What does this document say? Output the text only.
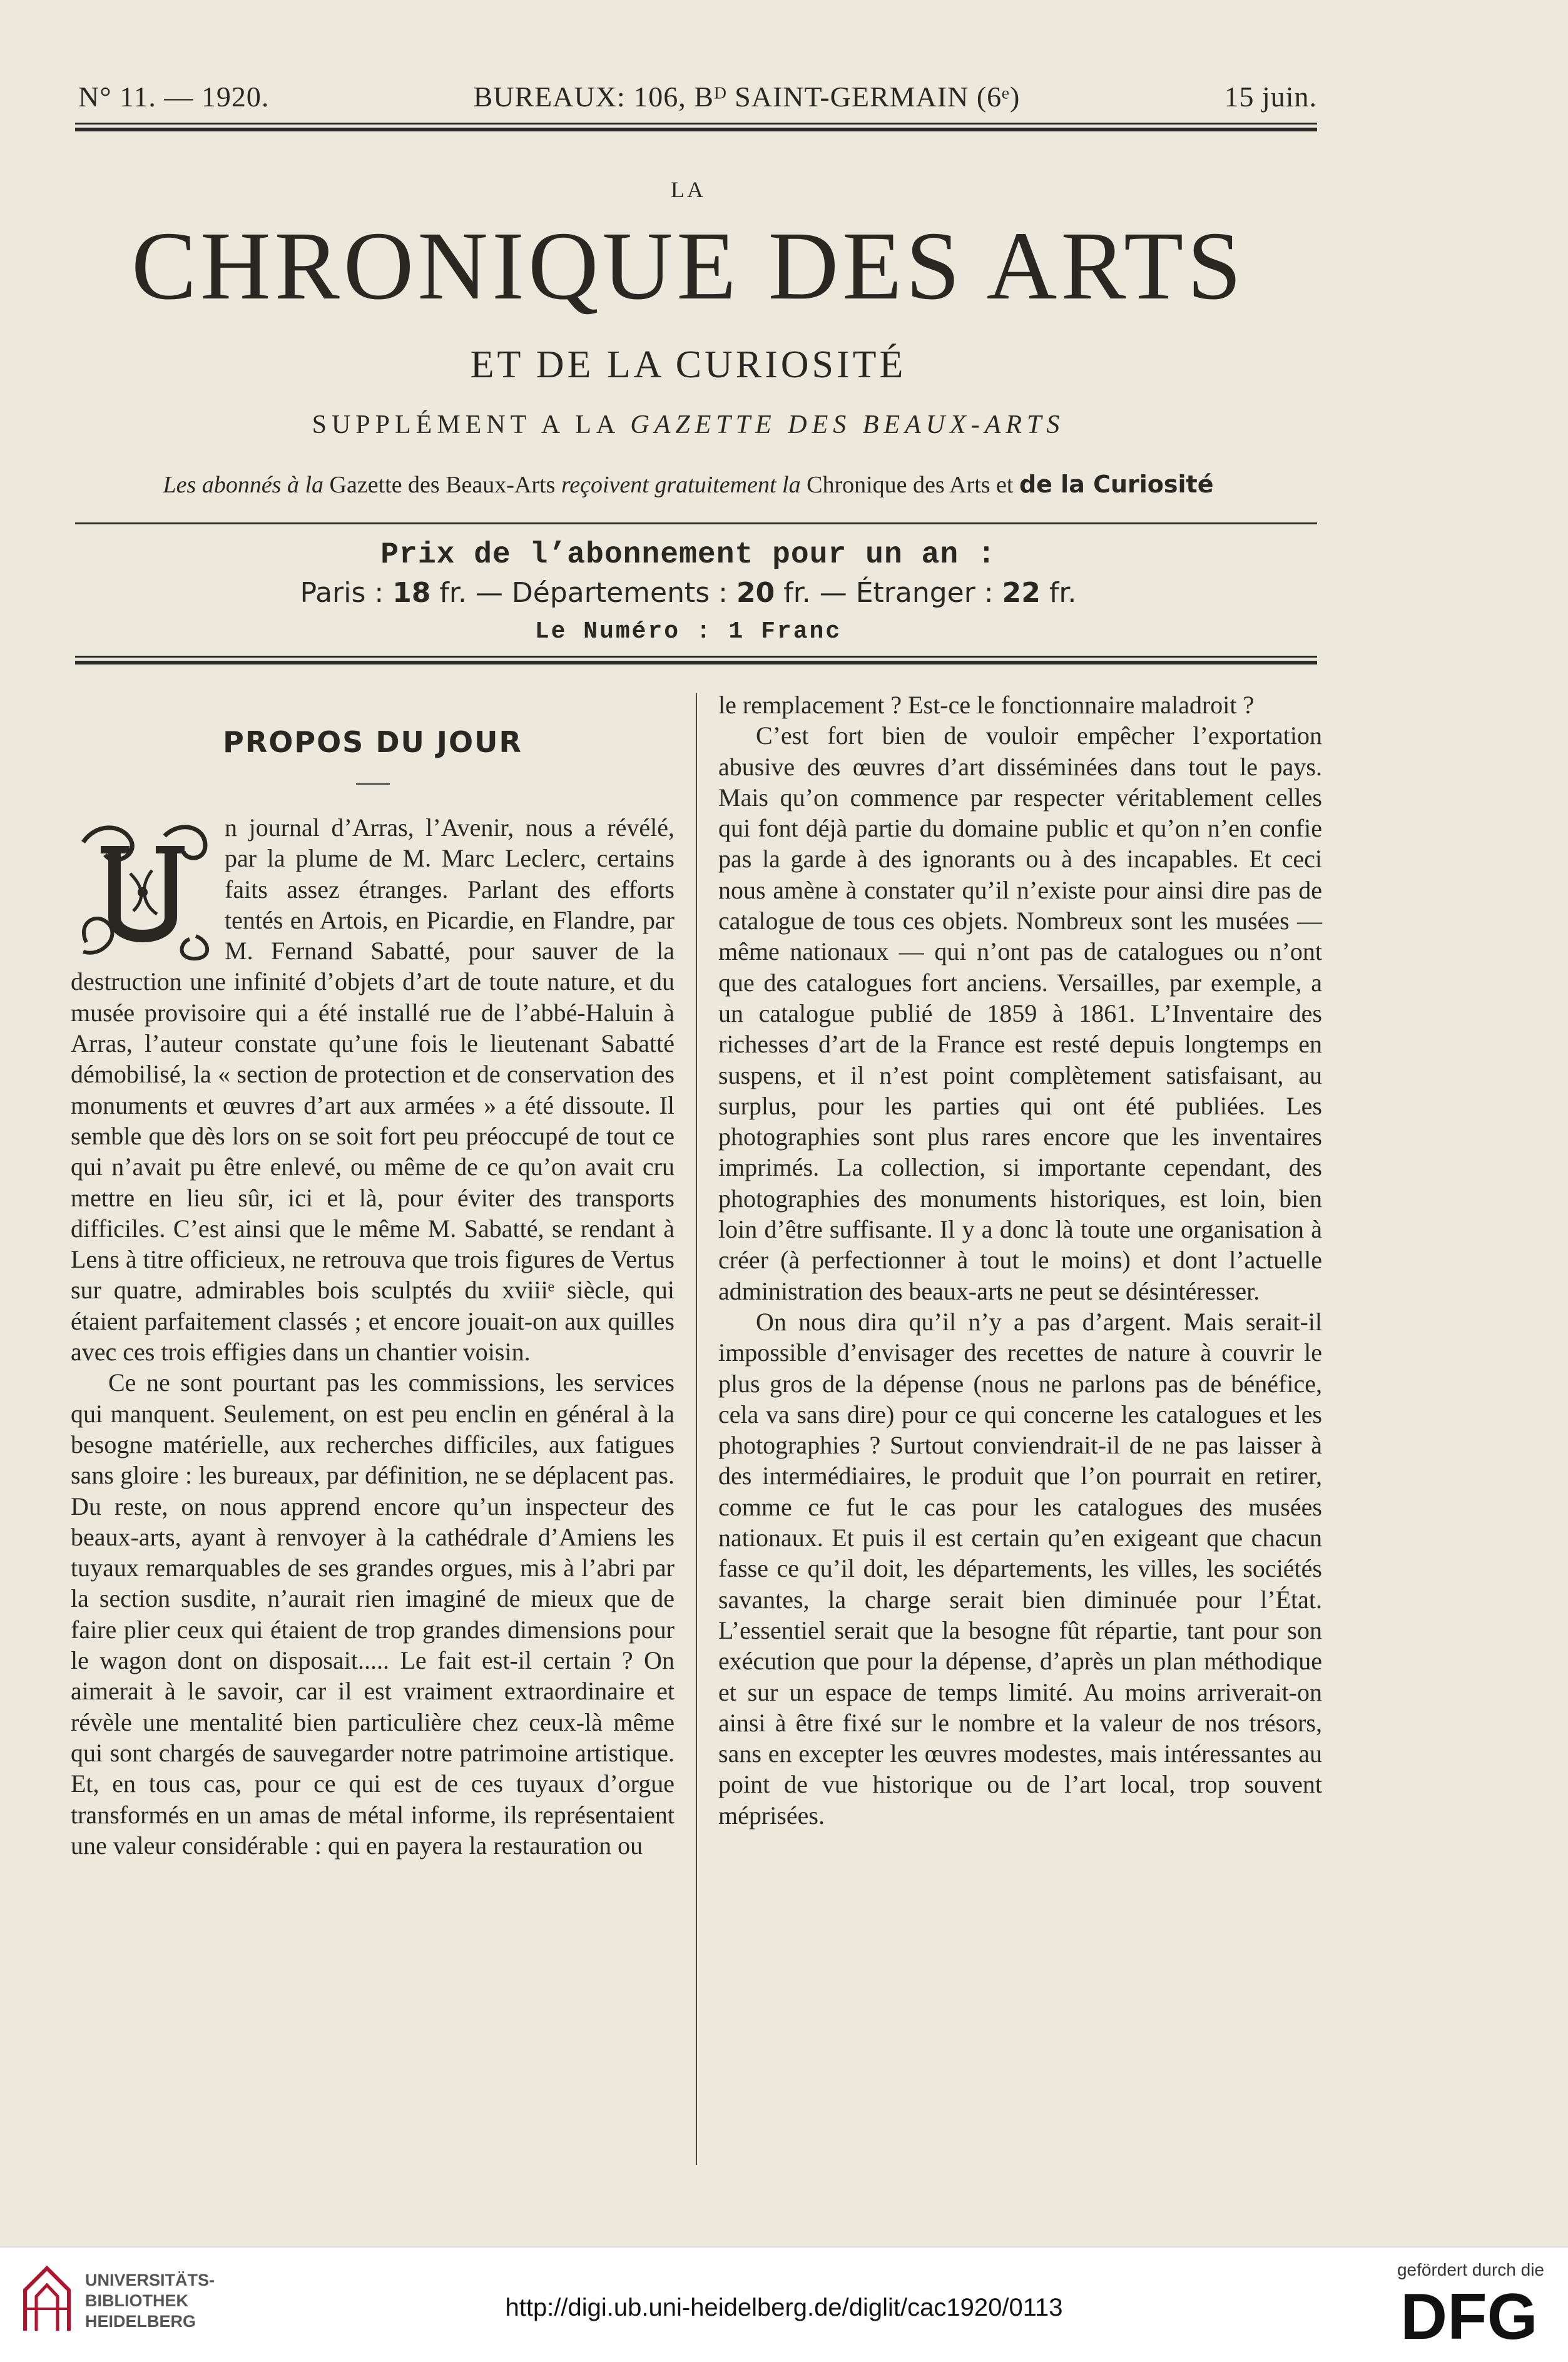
N° 11. — 1920.	BUREAUX: 106, Bᴰ SAINT-GERMAIN (6ᵉ)	15 juin.
LA
CHRONIQUE DES ARTS
ET DE LA CURIOSITÉ
SUPPLÉMENT A LA GAZETTE DES BEAUX-ARTS
Les abonnés à la Gazette des Beaux-Arts reçoivent gratuitement la Chronique des Arts et de la Curiosité
Prix de l’abonnement pour un an :
Paris : 18 fr. — Départements : 20 fr. — Étranger : 22 fr.
Le Numéro : 1 Franc
PROPOS DU JOUR

n journal d’Arras, l’Avenir, nous a révélé, par la plume de M. Marc Leclerc, certains faits assez étranges. Parlant des efforts tentés en Artois, en Picardie, en Flandre, par M. Fernand Sabatté, pour sauver de la destruction une infinité d’objets d’art de toute nature, et du musée provisoire qui a été installé rue de l’abbé-Haluin à Arras, l’auteur constate qu’une fois le lieutenant Sabatté démobilisé, la « section de protection et de conservation des monuments et œuvres d’art aux armées » a été dissoute. Il semble que dès lors on se soit fort peu préoccupé de tout ce qui n’avait pu être enlevé, ou même de ce qu’on avait cru mettre en lieu sûr, ici et là, pour éviter des transports difficiles. C’est ainsi que le même M. Sabatté, se rendant à Lens à titre officieux, ne retrouva que trois figures de Vertus sur quatre, admirables bois sculptés du xviiiᵉ siècle, qui étaient parfaitement classés ; et encore jouait-on aux quilles avec ces trois effigies dans un chantier voisin.

Ce ne sont pourtant pas les commissions, les services qui manquent. Seulement, on est peu enclin en général à la besogne matérielle, aux recherches difficiles, aux fatigues sans gloire : les bureaux, par définition, ne se déplacent pas. Du reste, on nous apprend encore qu’un inspecteur des beaux-arts, ayant à renvoyer à la cathédrale d’Amiens les tuyaux remarquables de ses grandes orgues, mis à l’abri par la section susdite, n’aurait rien imaginé de mieux que de faire plier ceux qui étaient de trop grandes dimensions pour le wagon dont on disposait..... Le fait est-il certain ? On aimerait à le savoir, car il est vraiment extraordinaire et révèle une mentalité bien particulière chez ceux-là même qui sont chargés de sauvegarder notre patrimoine artistique. Et, en tous cas, pour ce qui est de ces tuyaux d’orgue transformés en un amas de métal informe, ils représentaient une valeur considérable : qui en payera la restauration ou

le remplacement ? Est-ce le fonctionnaire maladroit ?

C’est fort bien de vouloir empêcher l’exportation abusive des œuvres d’art disséminées dans tout le pays. Mais qu’on commence par respecter véritablement celles qui font déjà partie du domaine public et qu’on n’en confie pas la garde à des ignorants ou à des incapables. Et ceci nous amène à constater qu’il n’existe pour ainsi dire pas de catalogue de tous ces objets. Nombreux sont les musées — même nationaux — qui n’ont pas de catalogues ou n’ont que des catalogues fort anciens. Versailles, par exemple, a un catalogue publié de 1859 à 1861. L’Inventaire des richesses d’art de la France est resté depuis longtemps en suspens, et il n’est point complètement satisfaisant, au surplus, pour les parties qui ont été publiées. Les photographies sont plus rares encore que les inventaires imprimés. La collection, si importante cependant, des photographies des monuments historiques, est loin, bien loin d’être suffisante. Il y a donc là toute une organisation à créer (à perfectionner à tout le moins) et dont l’actuelle administration des beaux-arts ne peut se désintéresser.

On nous dira qu’il n’y a pas d’argent. Mais serait-il impossible d’envisager des recettes de nature à couvrir le plus gros de la dépense (nous ne parlons pas de bénéfice, cela va sans dire) pour ce qui concerne les catalogues et les photographies ? Surtout conviendrait-il de ne pas laisser à des intermédiaires, le produit que l’on pourrait en retirer, comme ce fut le cas pour les catalogues des musées nationaux. Et puis il est certain qu’en exigeant que chacun fasse ce qu’il doit, les départements, les villes, les sociétés savantes, la charge serait bien diminuée pour l’État. L’essentiel serait que la besogne fût répartie, tant pour son exécution que pour la dépense, d’après un plan méthodique et sur un espace de temps limité. Au moins arriverait-on ainsi à être fixé sur le nombre et la valeur de nos trésors, sans en excepter les œuvres modestes, mais intéressantes au point de vue historique ou de l’art local, trop souvent méprisées.

UNIVERSITÄTS-
BIBLIOTHEK
HEIDELBERG	http://digi.ub.uni-heidelberg.de/diglit/cac1920/0113
gefördert durch die
DFG
